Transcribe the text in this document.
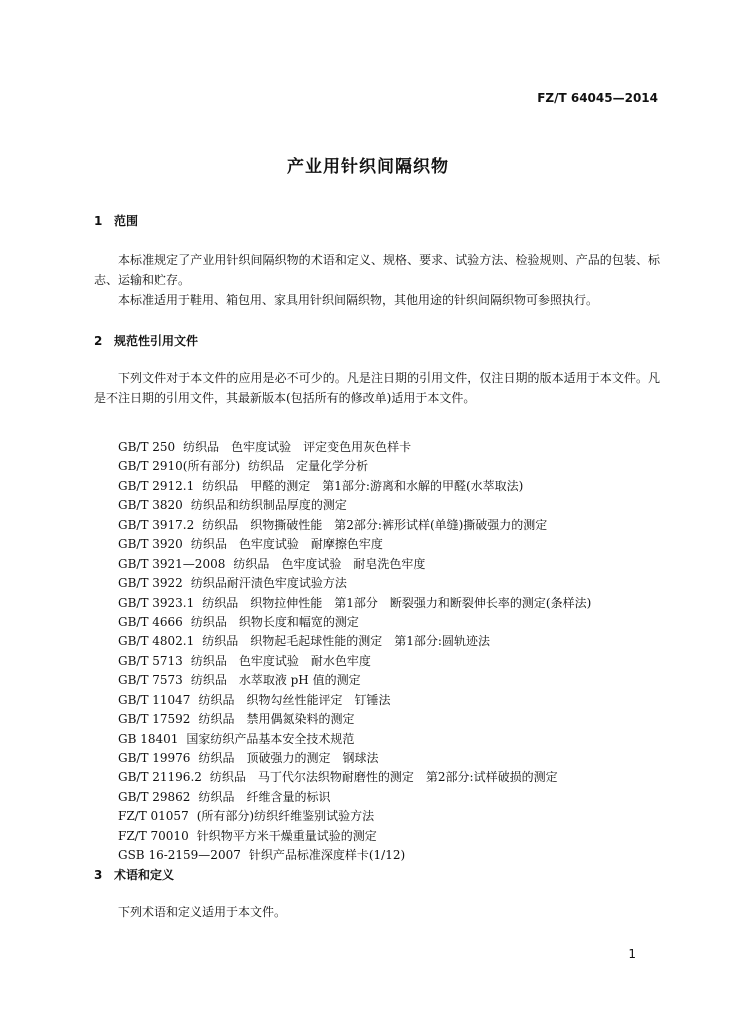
FZ/T 64045—2014
产业用针织间隔织物
1 范围
本标准规定了产业用针织间隔织物的术语和定义、规格、要求、试验方法、检验规则、产品的包装、标志、运输和贮存。
本标准适用于鞋用、箱包用、家具用针织间隔织物，其他用途的针织间隔织物可参照执行。
2 规范性引用文件
下列文件对于本文件的应用是必不可少的。凡是注日期的引用文件，仅注日期的版本适用于本文件。凡是不注日期的引用文件，其最新版本(包括所有的修改单)适用于本文件。
GB/T 250 纺织品　色牢度试验　评定变色用灰色样卡
GB/T 2910(所有部分) 纺织品　定量化学分析
GB/T 2912.1 纺织品　甲醛的测定　第1部分:游离和水解的甲醛(水萃取法)
GB/T 3820 纺织品和纺织制品厚度的测定
GB/T 3917.2 纺织品　织物撕破性能　第2部分:裤形试样(单缝)撕破强力的测定
GB/T 3920 纺织品　色牢度试验　耐摩擦色牢度
GB/T 3921—2008 纺织品　色牢度试验　耐皂洗色牢度
GB/T 3922 纺织品耐汗渍色牢度试验方法
GB/T 3923.1 纺织品　织物拉伸性能　第1部分　断裂强力和断裂伸长率的测定(条样法)
GB/T 4666 纺织品　织物长度和幅宽的测定
GB/T 4802.1 纺织品　织物起毛起球性能的测定　第1部分:圆轨迹法
GB/T 5713 纺织品　色牢度试验　耐水色牢度
GB/T 7573 纺织品　水萃取液 pH 值的测定
GB/T 11047 纺织品　织物勾丝性能评定　钉锤法
GB/T 17592 纺织品　禁用偶氮染料的测定
GB 18401 国家纺织产品基本安全技术规范
GB/T 19976 纺织品　顶破强力的测定　钢球法
GB/T 21196.2 纺织品　马丁代尔法织物耐磨性的测定　第2部分:试样破损的测定
GB/T 29862 纺织品　纤维含量的标识
FZ/T 01057 (所有部分)纺织纤维鉴别试验方法
FZ/T 70010 针织物平方米干燥重量试验的测定
GSB 16-2159—2007 针织产品标准深度样卡(1/12)
3 术语和定义
下列术语和定义适用于本文件。
1
